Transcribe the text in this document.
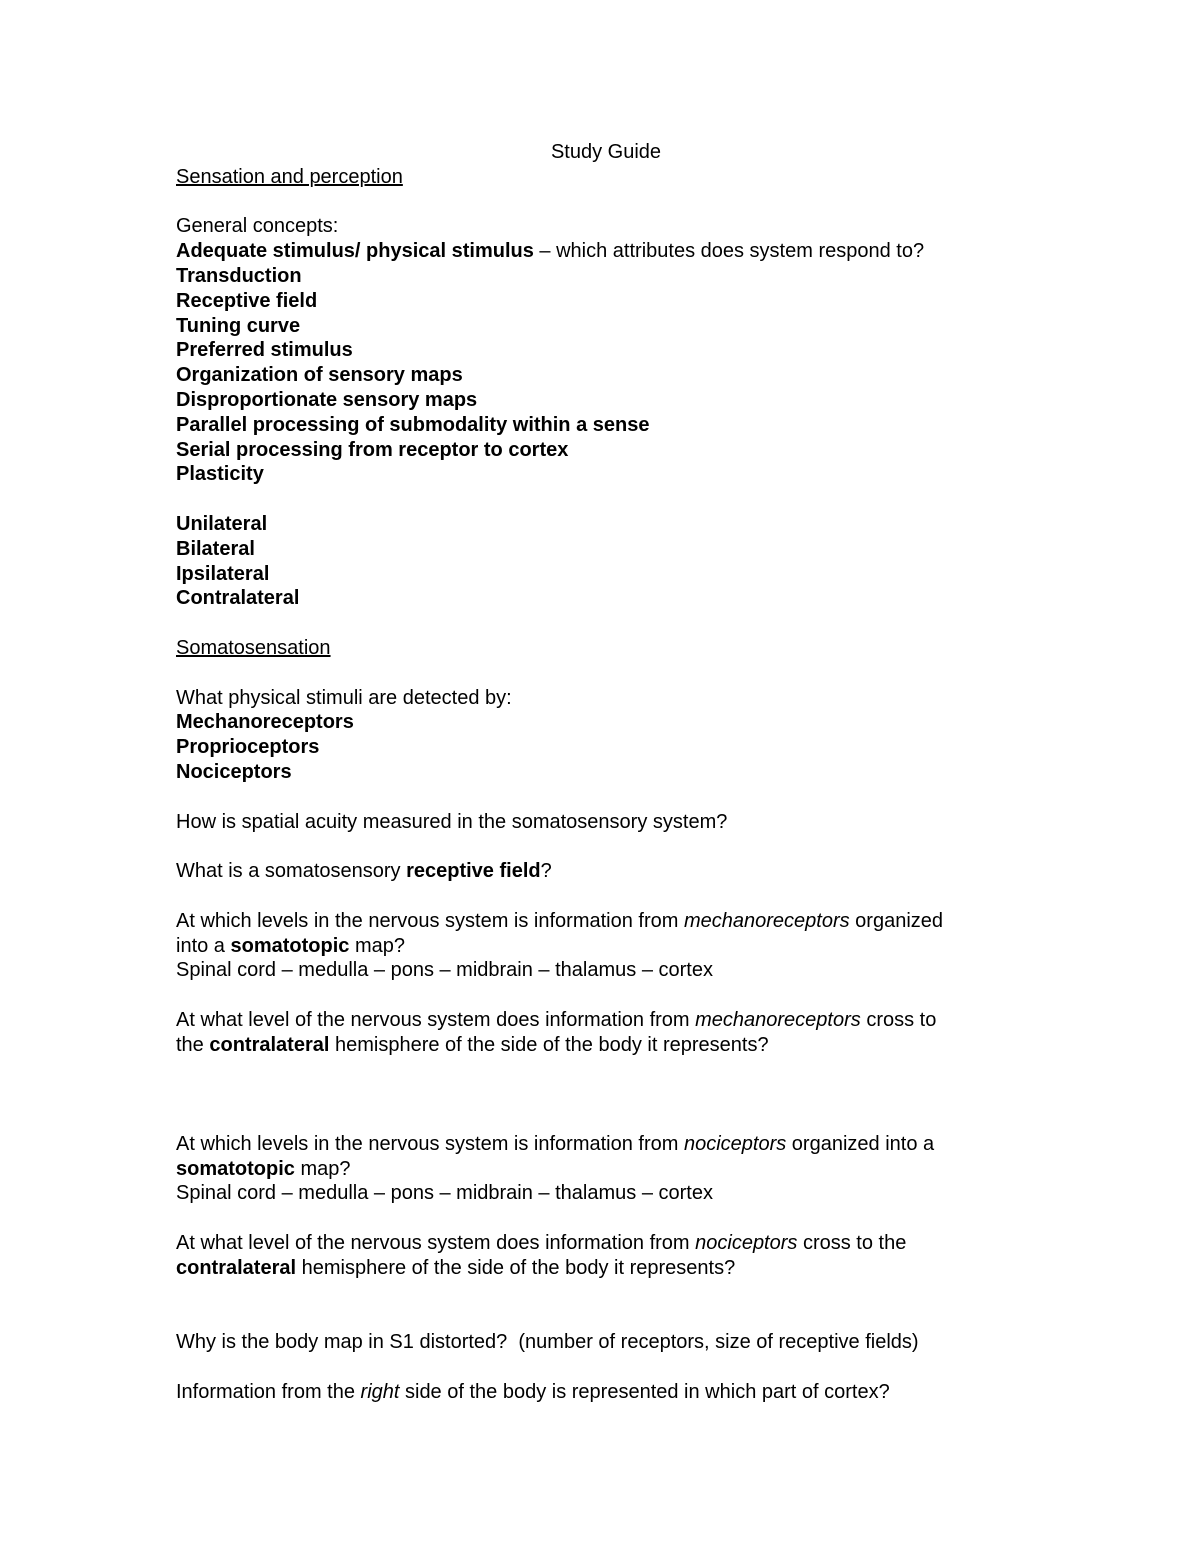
Study Guide
Sensation and perception
General concepts:
Adequate stimulus/ physical stimulus – which attributes does system respond to?
Transduction
Receptive field
Tuning curve
Preferred stimulus
Organization of sensory maps
Disproportionate sensory maps
Parallel processing of submodality within a sense
Serial processing from receptor to cortex
Plasticity
Unilateral
Bilateral
Ipsilateral
Contralateral
Somatosensation
What physical stimuli are detected by:
Mechanoreceptors
Proprioceptors
Nociceptors
How is spatial acuity measured in the somatosensory system?
What is a somatosensory receptive field?
At which levels in the nervous system is information from mechanoreceptors organized
into a somatotopic map?
Spinal cord – medulla – pons – midbrain – thalamus – cortex
At what level of the nervous system does information from mechanoreceptors cross to
the contralateral hemisphere of the side of the body it represents?
At which levels in the nervous system is information from nociceptors organized into a
somatotopic map?
Spinal cord – medulla – pons – midbrain – thalamus – cortex
At what level of the nervous system does information from nociceptors cross to the
contralateral hemisphere of the side of the body it represents?
Why is the body map in S1 distorted?  (number of receptors, size of receptive fields)
Information from the right side of the body is represented in which part of cortex?
